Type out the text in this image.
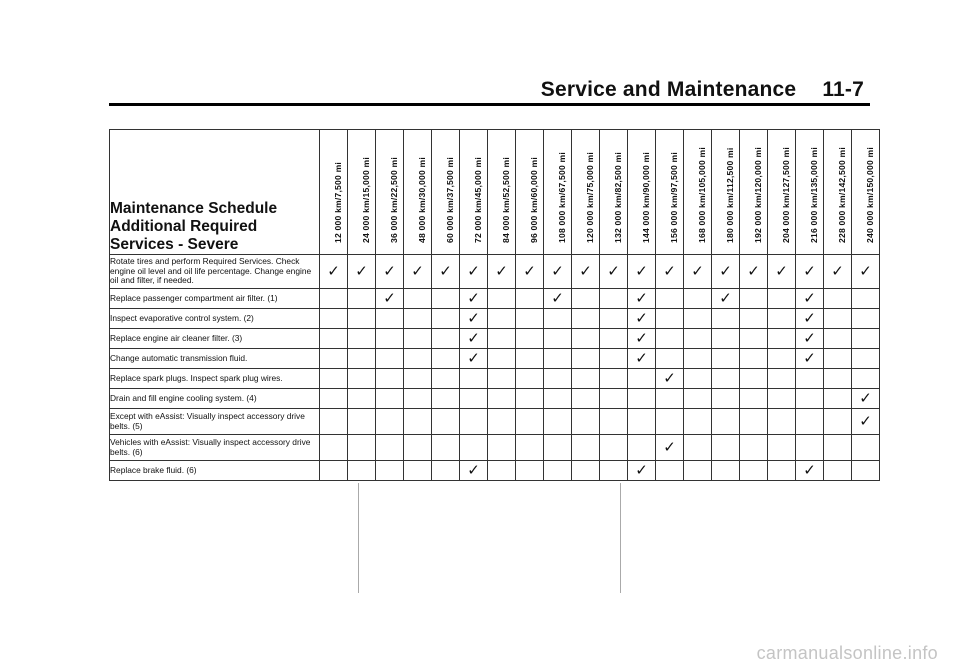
Service and Maintenance 11-7
Maintenance Schedule Additional Required Services - Severe	12 000 km/7,500 mi	24 000 km/15,000 mi	36 000 km/22,500 mi	48 000 km/30,000 mi	60 000 km/37,500 mi	72 000 km/45,000 mi	84 000 km/52,500 mi	96 000 km/60,000 mi	108 000 km/67,500 mi	120 000 km/75,000 mi	132 000 km/82,500 mi	144 000 km/90,000 mi	156 000 km/97,500 mi	168 000 km/105,000 mi	180 000 km/112,500 mi	192 000 km/120,000 mi	204 000 km/127,500 mi	216 000 km/135,000 mi	228 000 km/142,500 mi	240 000 km/150,000 mi

Rotate tires and perform Required Services. Check engine oil level and oil life percentage. Change engine oil and filter, if needed.	✓	✓	✓	✓	✓	✓	✓	✓	✓	✓	✓	✓	✓	✓	✓	✓	✓	✓	✓	✓
Replace passenger compartment air filter. (1)			✓			✓			✓			✓			✓			✓		
Inspect evaporative control system. (2)						✓						✓						✓		
Replace engine air cleaner filter. (3)						✓						✓						✓		
Change automatic transmission fluid.						✓						✓						✓		
Replace spark plugs. Inspect spark plug wires.													✓							
Drain and fill engine cooling system. (4)																				✓
Except with eAssist: Visually inspect accessory drive belts. (5)																				✓
Vehicles with eAssist: Visually inspect accessory drive belts. (6)													✓							
Replace brake fluid. (6)						✓						✓						✓		
carmanualsonline.info
